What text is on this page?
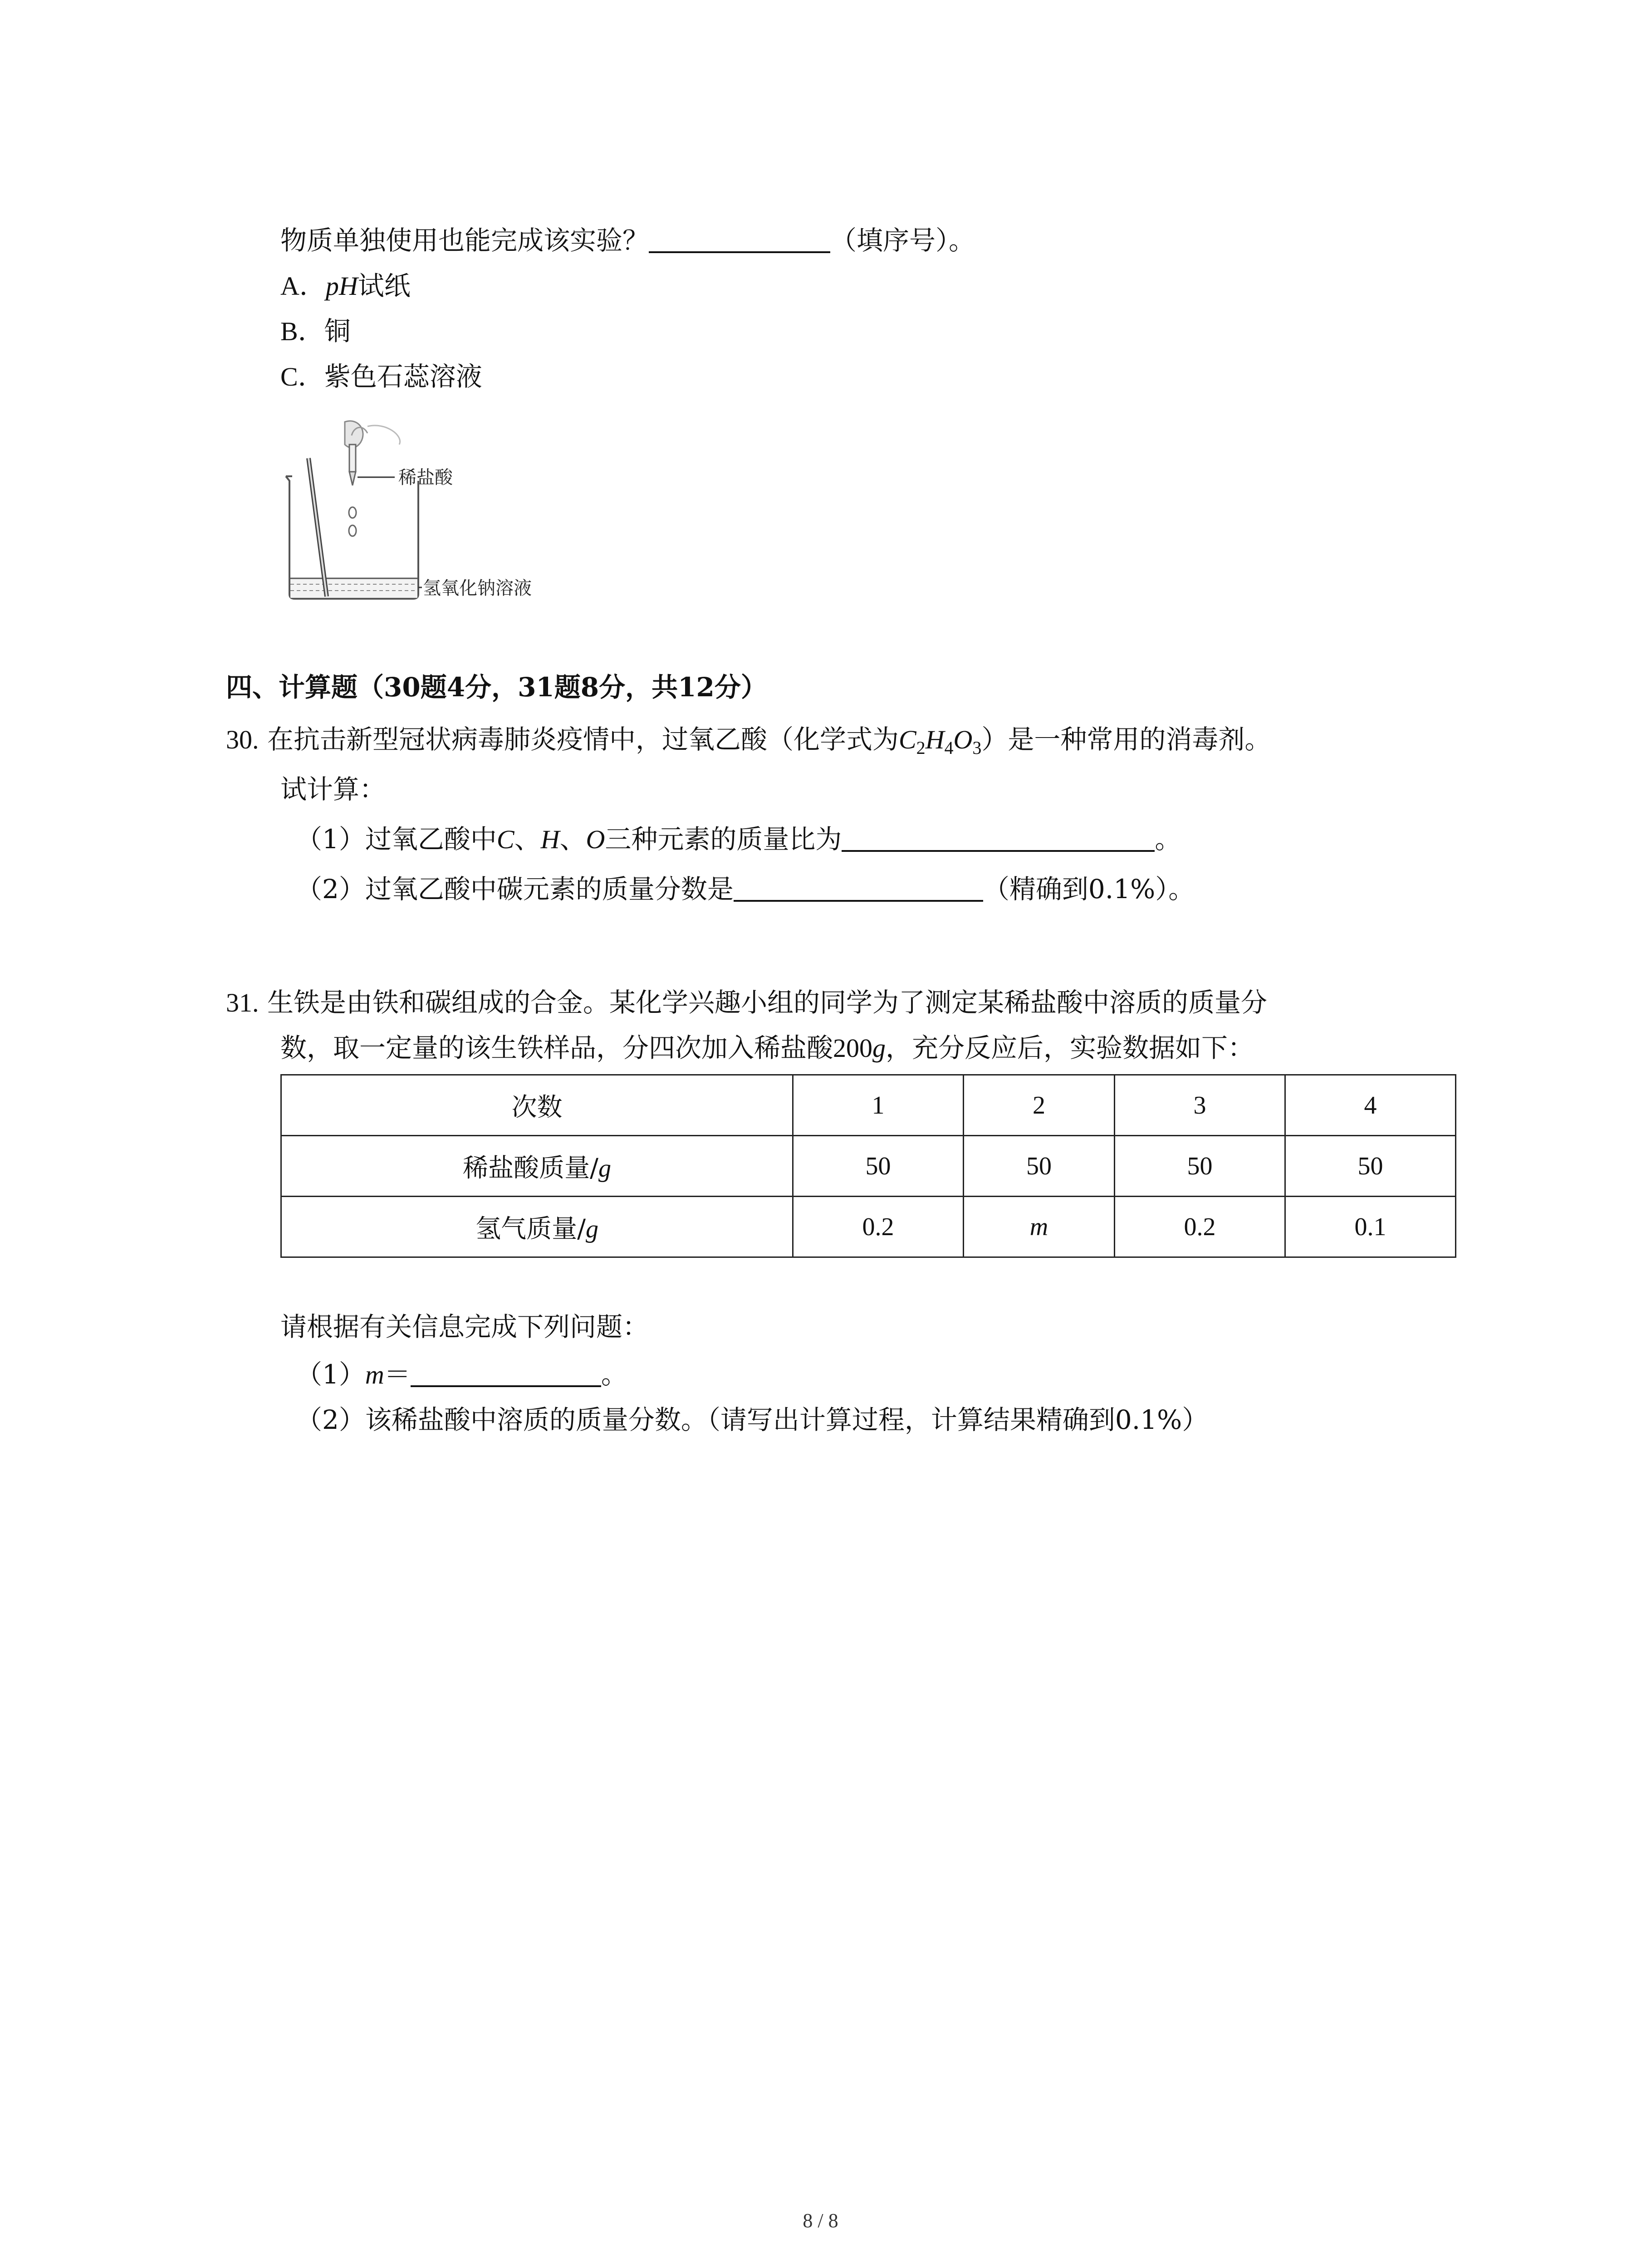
物质单独使用也能完成该实验？	（填序号）。
A．pH试纸
B．铜
C．紫色石蕊溶液
稀盐酸
氢氧化钠溶液
四、计算题（30题4分，31题8分，共12分）
30. 在抗击新型冠状病毒肺炎疫情中，过氧乙酸（化学式为$C_2H_4O_3$）是一种常用的消毒剂。
试计算：
（1）过氧乙酸中C、H、O三种元素的质量比为	。
（2）过氧乙酸中碳元素的质量分数是	（精确到0.1%）。
31. 生铁是由铁和碳组成的合金。某化学兴趣小组的同学为了测定某稀盐酸中溶质的质量分
数，取一定量的该生铁样品，分四次加入稀盐酸200g，充分反应后，实验数据如下：
次数	1	2	3	4
稀盐酸质量/g	50	50	50	50
氢气质量/g	0.2	m	0.2	0.1
请根据有关信息完成下列问题：
（1）m＝	。
（2）该稀盐酸中溶质的质量分数。（请写出计算过程，计算结果精确到0.1%）
8 / 8
